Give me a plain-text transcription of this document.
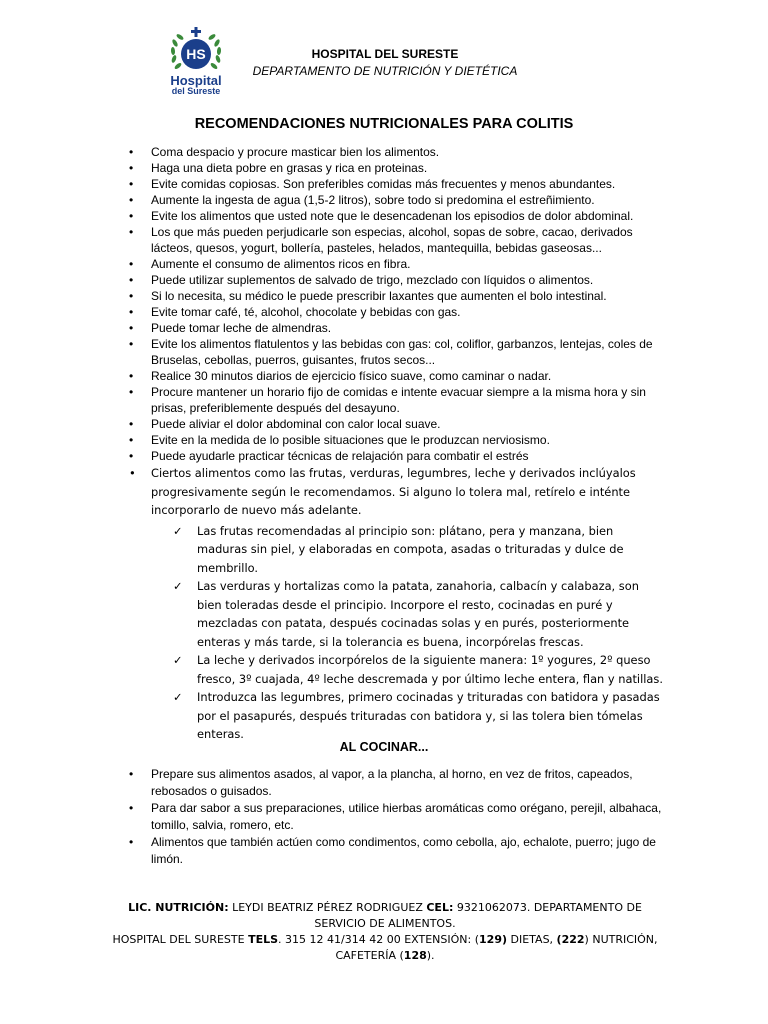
HS
Hospital
del Sureste
HOSPITAL DEL SURESTE
DEPARTAMENTO DE NUTRICIÓN Y DIETÉTICA
RECOMENDACIONES NUTRICIONALES PARA COLITIS
• Coma despacio y procure masticar bien los alimentos.
• Haga una dieta pobre en grasas y rica en proteinas.
• Evite comidas copiosas. Son preferibles comidas más frecuentes y menos abundantes.
• Aumente la ingesta de agua (1,5-2 litros), sobre todo si predomina el estreñimiento.
• Evite los alimentos que usted note que le desencadenan los episodios de dolor abdominal.
• Los que más pueden perjudicarle son especias, alcohol, sopas de sobre, cacao, derivados lácteos, quesos, yogurt, bollería, pasteles, helados, mantequilla, bebidas gaseosas...
• Aumente el consumo de alimentos ricos en fibra.
• Puede utilizar suplementos de salvado de trigo, mezclado con líquidos o alimentos.
• Si lo necesita, su médico le puede prescribir laxantes que aumenten el bolo intestinal.
• Evite tomar café, té, alcohol, chocolate y bebidas con gas.
• Puede tomar leche de almendras.
• Evite los alimentos flatulentos y las bebidas con gas: col, coliflor, garbanzos, lentejas, coles de Bruselas, cebollas, puerros, guisantes, frutos secos...
• Realice 30 minutos diarios de ejercicio físico suave, como caminar o nadar.
• Procure mantener un horario fijo de comidas e intente evacuar siempre a la misma hora y sin prisas, preferiblemente después del desayuno.
• Puede aliviar el dolor abdominal con calor local suave.
• Evite en la medida de lo posible situaciones que le produzcan nerviosismo.
• Puede ayudarle practicar técnicas de relajación para combatir el estrés
• Ciertos alimentos como las frutas, verduras, legumbres, leche y derivados inclúyalos progresivamente según le recomendamos. Si alguno lo tolera mal, retírelo e inténte incorporarlo de nuevo más adelante.
✓ Las frutas recomendadas al principio son: plátano, pera y manzana, bien maduras sin piel, y elaboradas en compota, asadas o trituradas y dulce de membrillo.
✓ Las verduras y hortalizas como la patata, zanahoria, calbacín y calabaza, son bien toleradas desde el principio. Incorpore el resto, cocinadas en puré y mezcladas con patata, después cocinadas solas y en purés, posteriormente enteras y más tarde, si la tolerancia es buena, incorpórelas frescas.
✓ La leche y derivados incorpórelos de la siguiente manera: 1º yogures, 2º queso fresco, 3º cuajada, 4º leche descremada y por último leche entera, flan y natillas.
✓ Introduzca las legumbres, primero cocinadas y trituradas con batidora y pasadas por el pasapurés, después trituradas con batidora y, si las tolera bien tómelas enteras.
AL COCINAR...
• Prepare sus alimentos asados, al vapor, a la plancha, al horno, en vez de fritos, capeados, rebosados o guisados.
• Para dar sabor a sus preparaciones, utilice hierbas aromáticas como orégano, perejil, albahaca, tomillo, salvia, romero, etc.
• Alimentos que también actúen como condimentos, como cebolla, ajo, echalote, puerro; jugo de limón.
LIC. NUTRICIÓN: LEYDI BEATRIZ PÉREZ RODRIGUEZ CEL: 9321062073. DEPARTAMENTO DE SERVICIO DE ALIMENTOS.
HOSPITAL DEL SURESTE TELS. 315 12 41/314 42 00 EXTENSIÓN: (129) DIETAS, (222) NUTRICIÓN, CAFETERÍA (128).
